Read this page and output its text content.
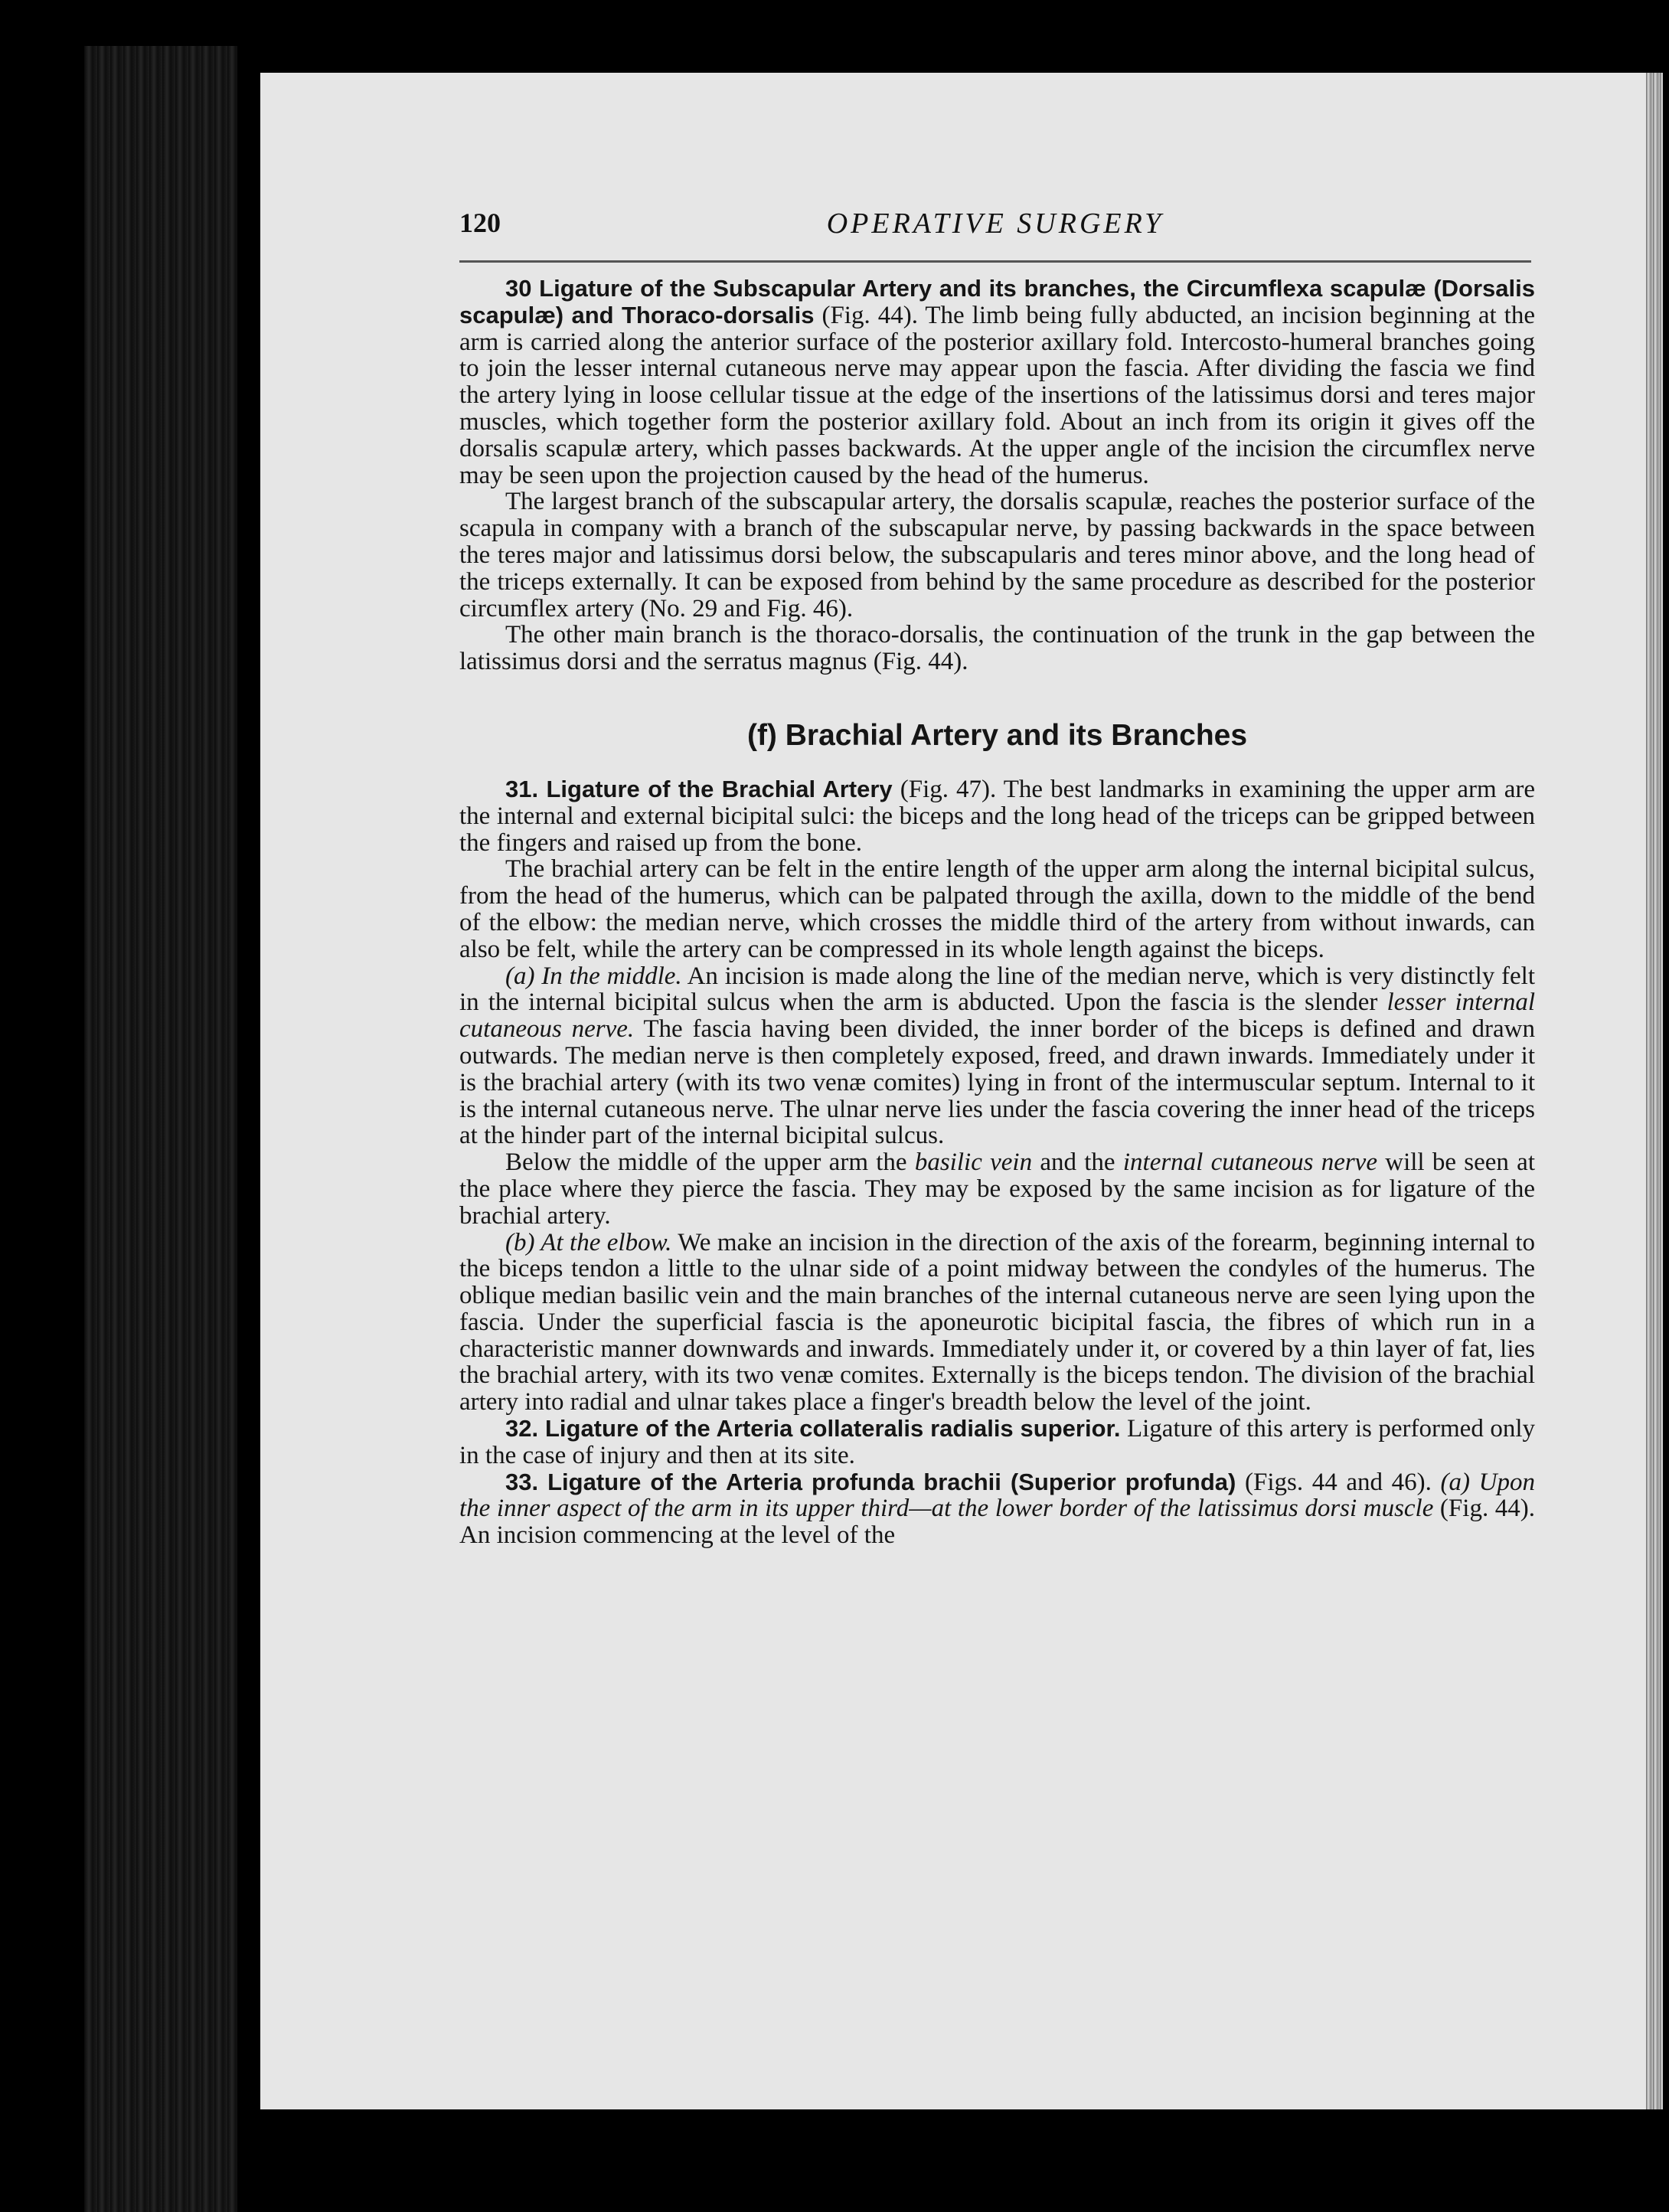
120	OPERATIVE SURGERY

30 Ligature of the Subscapular Artery and its branches, the Circumflexa scapulæ (Dorsalis scapulæ) and Thoraco-dorsalis (Fig. 44). The limb being fully abducted, an incision beginning at the arm is carried along the anterior surface of the posterior axillary fold. Intercosto-humeral branches going to join the lesser internal cutaneous nerve may appear upon the fascia. After dividing the fascia we find the artery lying in loose cellular tissue at the edge of the insertions of the latissimus dorsi and teres major muscles, which together form the posterior axillary fold. About an inch from its origin it gives off the dorsalis scapulæ artery, which passes backwards. At the upper angle of the incision the circumflex nerve may be seen upon the projection caused by the head of the humerus.

The largest branch of the subscapular artery, the dorsalis scapulæ, reaches the posterior surface of the scapula in company with a branch of the subscapular nerve, by passing backwards in the space between the teres major and latissimus dorsi below, the subscapularis and teres minor above, and the long head of the triceps externally. It can be exposed from behind by the same procedure as described for the posterior circumflex artery (No. 29 and Fig. 46).

The other main branch is the thoraco-dorsalis, the continuation of the trunk in the gap between the latissimus dorsi and the serratus magnus (Fig. 44).

(f) Brachial Artery and its Branches

31. Ligature of the Brachial Artery (Fig. 47). The best landmarks in examining the upper arm are the internal and external bicipital sulci: the biceps and the long head of the triceps can be gripped between the fingers and raised up from the bone.

The brachial artery can be felt in the entire length of the upper arm along the internal bicipital sulcus, from the head of the humerus, which can be palpated through the axilla, down to the middle of the bend of the elbow: the median nerve, which crosses the middle third of the artery from without inwards, can also be felt, while the artery can be compressed in its whole length against the biceps.

(a) In the middle. An incision is made along the line of the median nerve, which is very distinctly felt in the internal bicipital sulcus when the arm is abducted. Upon the fascia is the slender lesser internal cutaneous nerve. The fascia having been divided, the inner border of the biceps is defined and drawn outwards. The median nerve is then completely exposed, freed, and drawn inwards. Immediately under it is the brachial artery (with its two venæ comites) lying in front of the intermuscular septum. Internal to it is the internal cutaneous nerve. The ulnar nerve lies under the fascia covering the inner head of the triceps at the hinder part of the internal bicipital sulcus.

Below the middle of the upper arm the basilic vein and the internal cutaneous nerve will be seen at the place where they pierce the fascia. They may be exposed by the same incision as for ligature of the brachial artery.

(b) At the elbow. We make an incision in the direction of the axis of the forearm, beginning internal to the biceps tendon a little to the ulnar side of a point midway between the condyles of the humerus. The oblique median basilic vein and the main branches of the internal cutaneous nerve are seen lying upon the fascia. Under the superficial fascia is the aponeurotic bicipital fascia, the fibres of which run in a characteristic manner downwards and inwards. Immediately under it, or covered by a thin layer of fat, lies the brachial artery, with its two venæ comites. Externally is the biceps tendon. The division of the brachial artery into radial and ulnar takes place a finger's breadth below the level of the joint.

32. Ligature of the Arteria collateralis radialis superior. Ligature of this artery is performed only in the case of injury and then at its site.

33. Ligature of the Arteria profunda brachii (Superior profunda) (Figs. 44 and 46). (a) Upon the inner aspect of the arm in its upper third—at the lower border of the latissimus dorsi muscle (Fig. 44). An incision commencing at the level of the
